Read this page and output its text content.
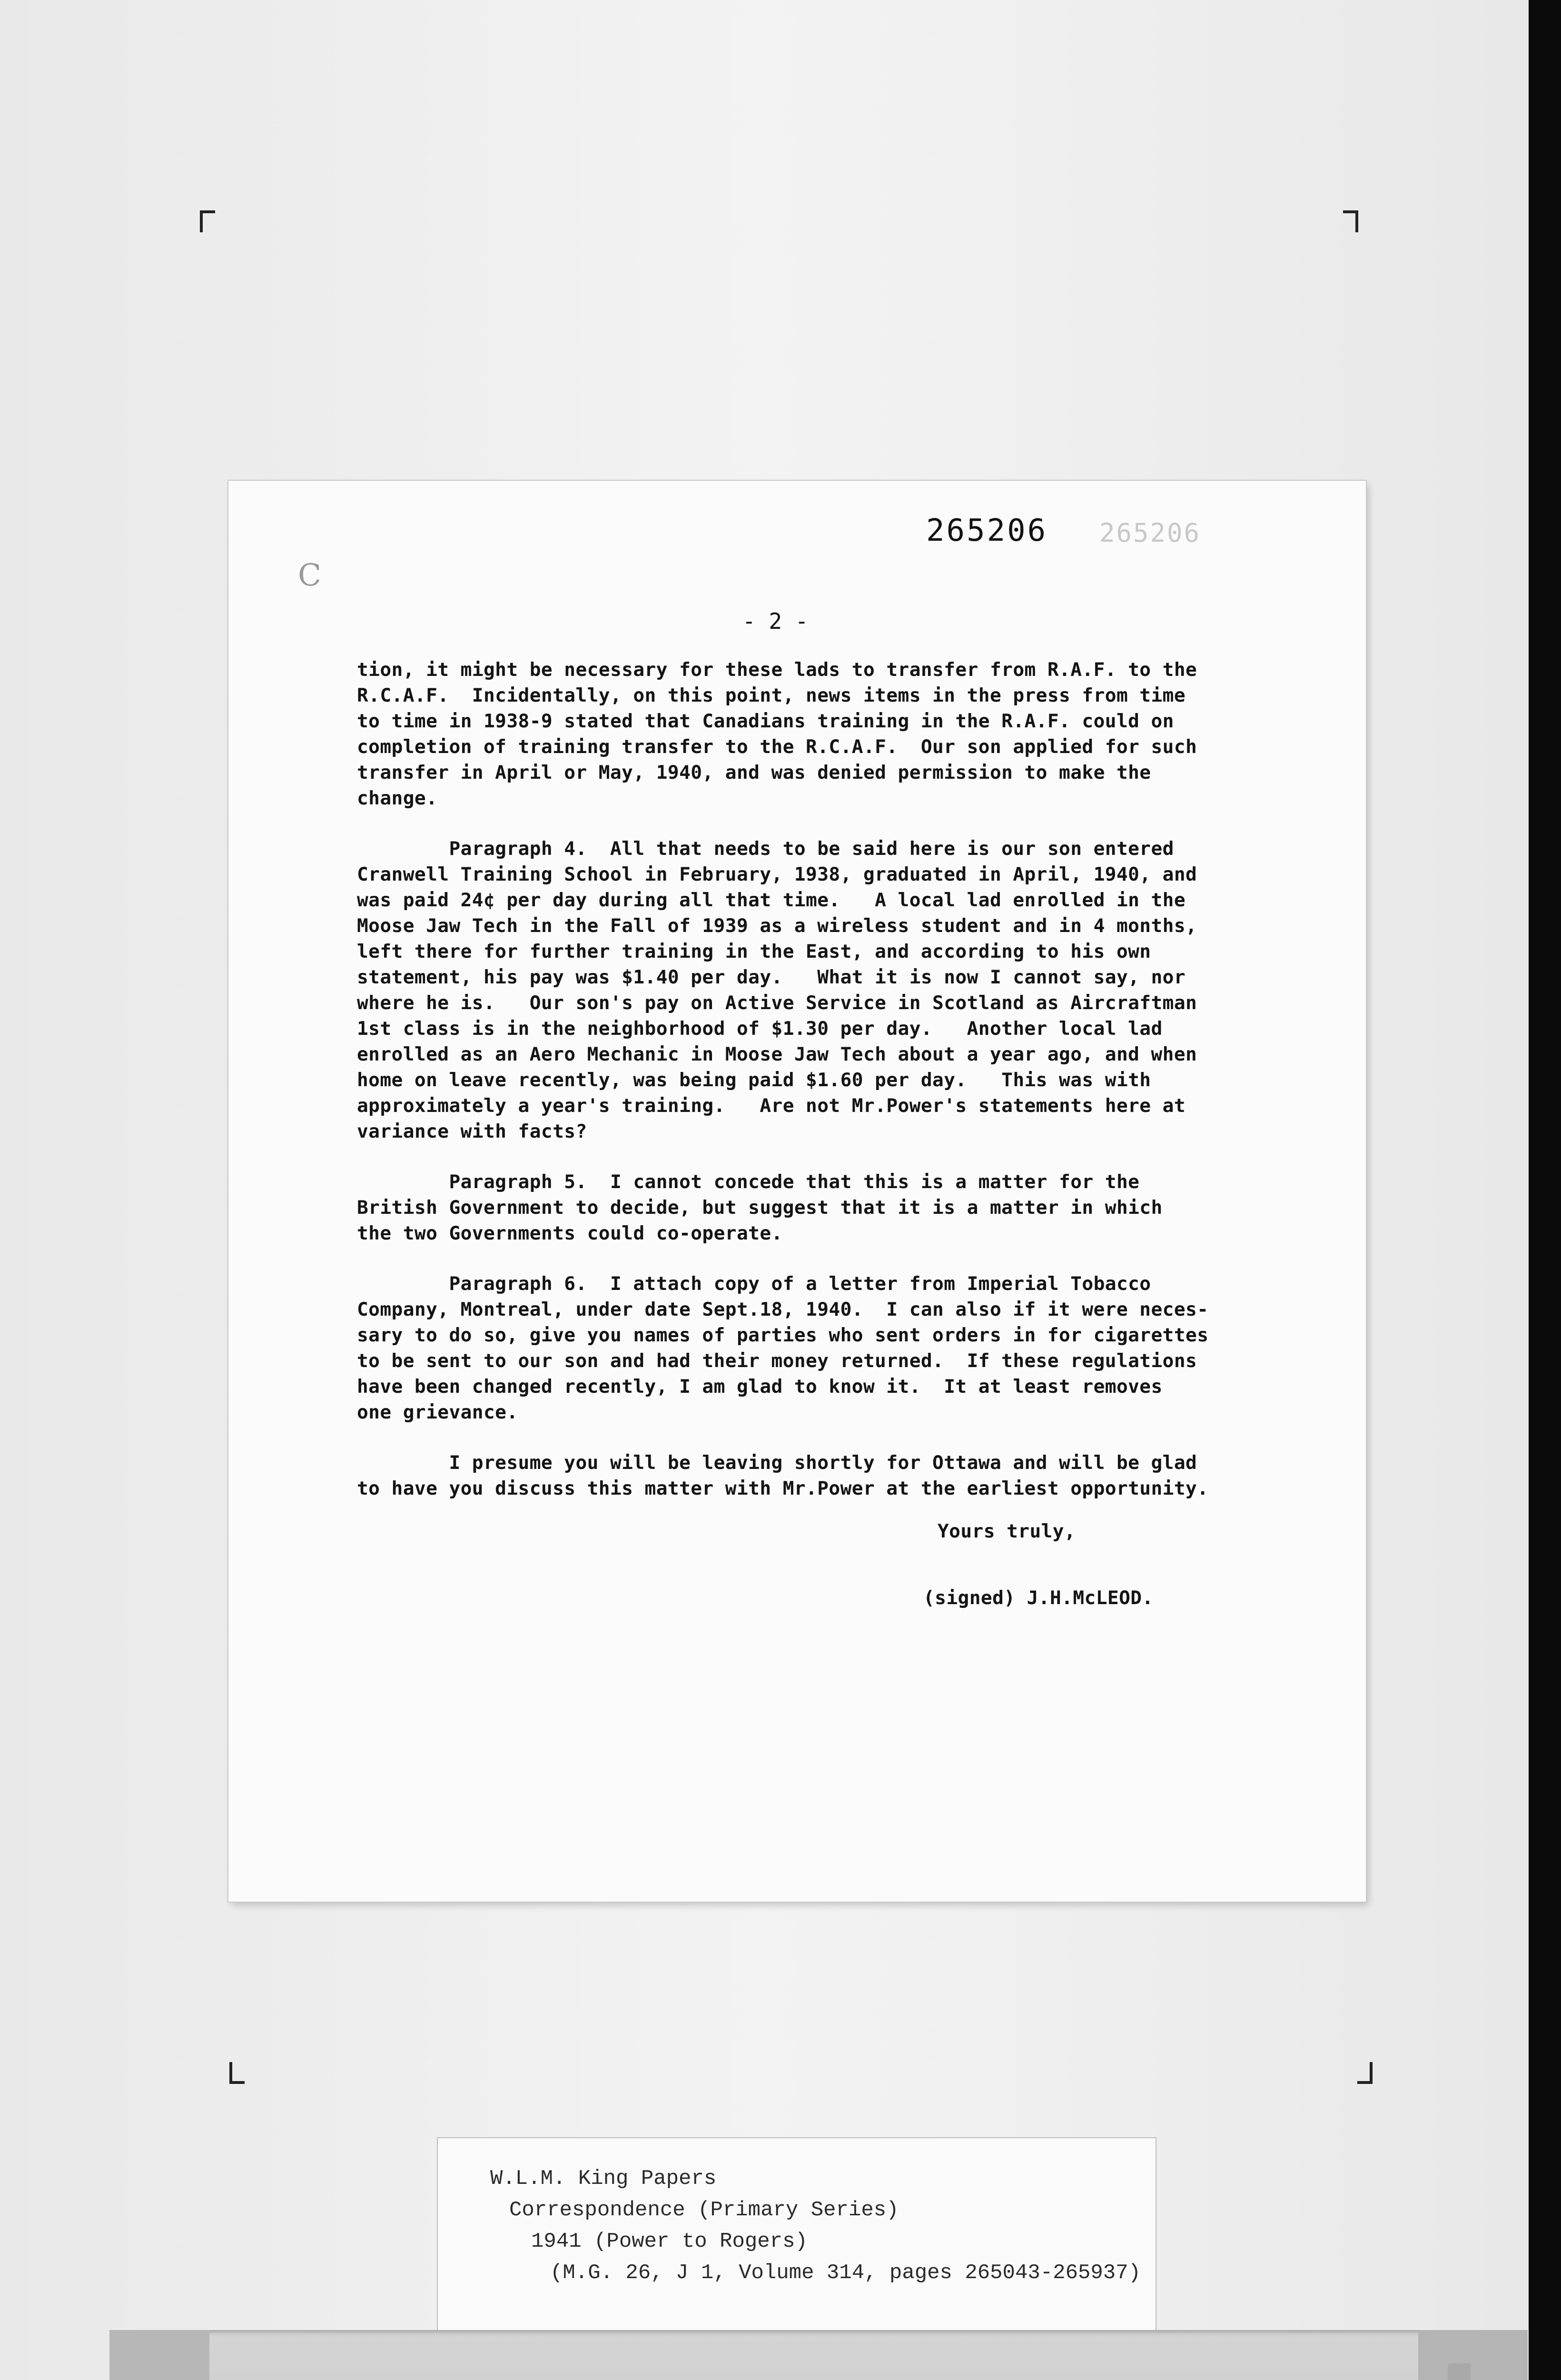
C
265206 265206
- 2 -
tion, it might be necessary for these lads to transfer from R.A.F. to the
R.C.A.F.  Incidentally, on this point, news items in the press from time
to time in 1938-9 stated that Canadians training in the R.A.F. could on
completion of training transfer to the R.C.A.F.  Our son applied for such
transfer in April or May, 1940, and was denied permission to make the
change.
Paragraph 4.  All that needs to be said here is our son entered
Cranwell Training School in February, 1938, graduated in April, 1940, and
was paid 24¢ per day during all that time.   A local lad enrolled in the
Moose Jaw Tech in the Fall of 1939 as a wireless student and in 4 months,
left there for further training in the East, and according to his own
statement, his pay was $1.40 per day.   What it is now I cannot say, nor
where he is.   Our son's pay on Active Service in Scotland as Aircraftman
1st class is in the neighborhood of $1.30 per day.   Another local lad
enrolled as an Aero Mechanic in Moose Jaw Tech about a year ago, and when
home on leave recently, was being paid $1.60 per day.   This was with
approximately a year's training.   Are not Mr.Power's statements here at
variance with facts?
Paragraph 5.  I cannot concede that this is a matter for the
British Government to decide, but suggest that it is a matter in which
the two Governments could co-operate.
Paragraph 6.  I attach copy of a letter from Imperial Tobacco
Company, Montreal, under date Sept.18, 1940.  I can also if it were neces-
sary to do so, give you names of parties who sent orders in for cigarettes
to be sent to our son and had their money returned.  If these regulations
have been changed recently, I am glad to know it.  It at least removes
one grievance.
I presume you will be leaving shortly for Ottawa and will be glad
to have you discuss this matter with Mr.Power at the earliest opportunity.
Yours truly,
(signed) J.H.McLEOD.
W.L.M. King Papers
Correspondence (Primary Series)
1941 (Power to Rogers)
(M.G. 26, J 1, Volume 314, pages 265043-265937)
